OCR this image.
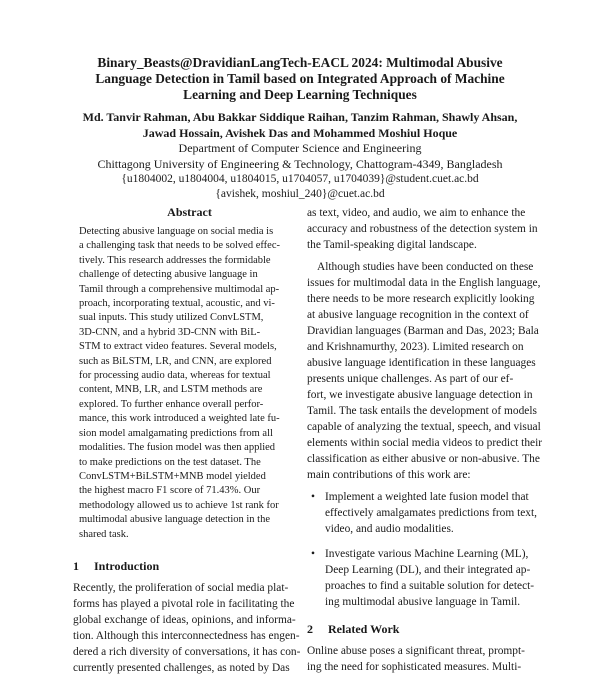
Binary_Beasts@DravidianLangTech-EACL 2024: Multimodal Abusive
Language Detection in Tamil based on Integrated Approach of Machine
Learning and Deep Learning Techniques
Md. Tanvir Rahman, Abu Bakkar Siddique Raihan, Tanzim Rahman, Shawly Ahsan,
Jawad Hossain, Avishek Das and Mohammed Moshiul Hoque
Department of Computer Science and Engineering
Chittagong University of Engineering & Technology, Chattogram-4349, Bangladesh
{u1804002, u1804004, u1804015, u1704057, u1704039}@student.cuet.ac.bd
{avishek, moshiul_240}@cuet.ac.bd
Abstract
Detecting abusive language on social media is
a challenging task that needs to be solved effec-
tively. This research addresses the formidable
challenge of detecting abusive language in
Tamil through a comprehensive multimodal ap-
proach, incorporating textual, acoustic, and vi-
sual inputs. This study utilized ConvLSTM,
3D-CNN, and a hybrid 3D-CNN with BiL-
STM to extract video features. Several models,
such as BiLSTM, LR, and CNN, are explored
for processing audio data, whereas for textual
content, MNB, LR, and LSTM methods are
explored. To further enhance overall perfor-
mance, this work introduced a weighted late fu-
sion model amalgamating predictions from all
modalities. The fusion model was then applied
to make predictions on the test dataset. The
ConvLSTM+BiLSTM+MNB model yielded
the highest macro F1 score of 71.43%. Our
methodology allowed us to achieve 1st rank for
multimodal abusive language detection in the
shared task.
1 Introduction
Recently, the proliferation of social media plat-
forms has played a pivotal role in facilitating the
global exchange of ideas, opinions, and informa-
tion. Although this interconnectedness has engen-
dered a rich diversity of conversations, it has con-
currently presented challenges, as noted by Das
as text, video, and audio, we aim to enhance the
accuracy and robustness of the detection system in
the Tamil-speaking digital landscape.
Although studies have been conducted on these
issues for multimodal data in the English language,
there needs to be more research explicitly looking
at abusive language recognition in the context of
Dravidian languages (Barman and Das, 2023; Bala
and Krishnamurthy, 2023). Limited research on
abusive language identification in these languages
presents unique challenges. As part of our ef-
fort, we investigate abusive language detection in
Tamil. The task entails the development of models
capable of analyzing the textual, speech, and visual
elements within social media videos to predict their
classification as either abusive or non-abusive. The
main contributions of this work are:
• Implement a weighted late fusion model that
effectively amalgamates predictions from text,
video, and audio modalities.
• Investigate various Machine Learning (ML),
Deep Learning (DL), and their integrated ap-
proaches to find a suitable solution for detect-
ing multimodal abusive language in Tamil.
2 Related Work
Online abuse poses a significant threat, prompt-
ing the need for sophisticated measures. Multi-
